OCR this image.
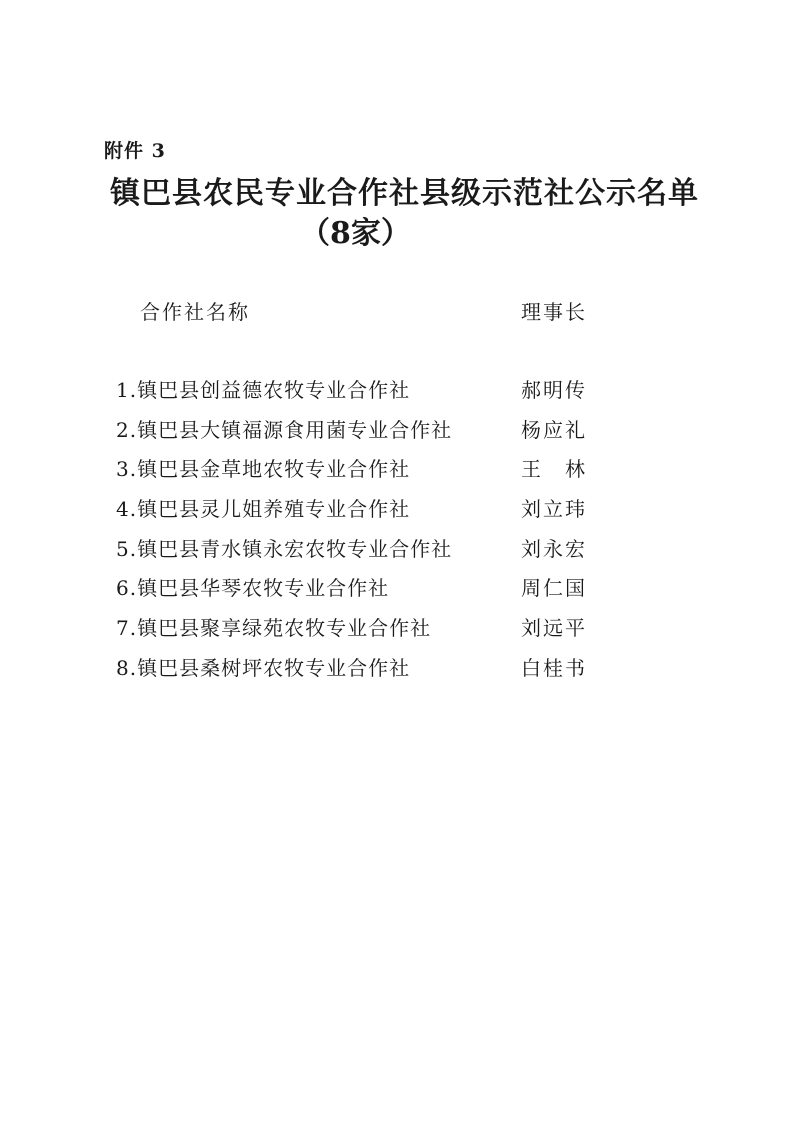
附件 3
镇巴县农民专业合作社县级示范社公示名单
（8家）
合作社名称	理事长
1.镇巴县创益德农牧专业合作社	郝明传
2.镇巴县大镇福源食用菌专业合作社	杨应礼
3.镇巴县金草地农牧专业合作社	王　林
4.镇巴县灵儿姐养殖专业合作社	刘立玮
5.镇巴县青水镇永宏农牧专业合作社	刘永宏
6.镇巴县华琴农牧专业合作社	周仁国
7.镇巴县聚享绿苑农牧专业合作社	刘远平
8.镇巴县桑树坪农牧专业合作社	白桂书
